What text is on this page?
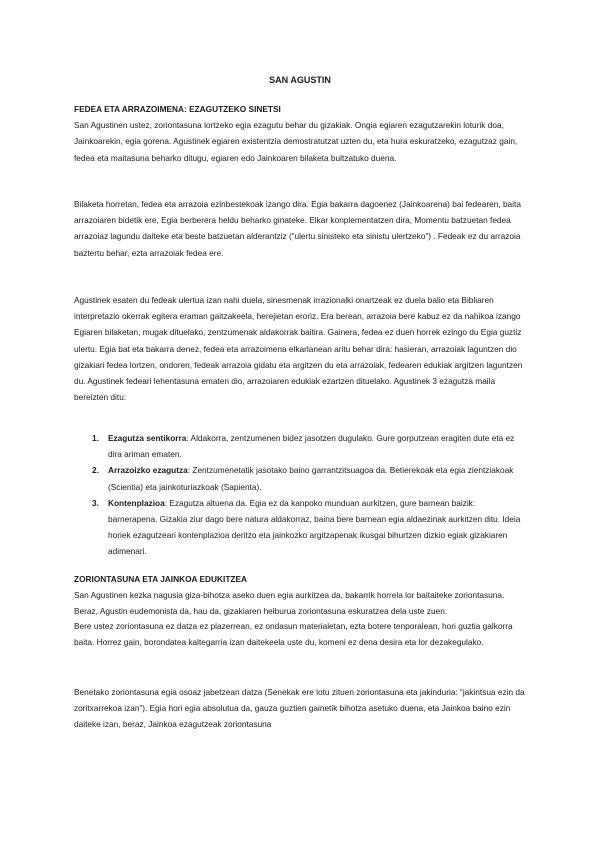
SAN AGUSTIN
FEDEA ETA ARRAZOIMENA: EZAGUTZEKO SINETSI

San Agustinen ustez, zoriontasuna lortzeko egia ezagutu behar du gizakiak. Ongia egiaren ezagutzarekin loturik doa, Jainkoarekin, egia gorena. Agustinek egiaren existentzia demostratutzat uzten du, eta hura eskuratzeko, ezagutzaz gain, fedea eta maitasuna beharko ditugu, egiaren edo Jainkoaren bilaketa bultzatuko duena.

Bilaketa horretan, fedea eta arrazoia ezinbestekoak izango dira. Egia bakarra dagoenez (Jainkoarena) bai fedearen, baita arrazoiaren bidetik ere, Egia berberera heldu beharko ginateke. Elkar konplementatzen dira, Momentu batzuetan fedea arrazoiaz lagundu daiteke eta beste batzuetan alderantziz (“ulertu sinisteko eta sinistu ulertzeko”) . Fedeak ez du arrazoia baztertu behar, ezta arrazoiak fedea ere.

Agustinek esaten du fedeak ulertua izan nahi duela, sinesmenak irrazionalki onartzeak ez duela balio eta Bibliaren interpretazio okerrak egitera eraman gaitzakeela, herejietan eroriz. Era berean, arrazoia bere kabuz ez da nahikoa izango Egiaren bilaketan, mugak dituelako, zentzumenak aldakorrak baitira. Gainera, fedea ez duen horrek ezingo du Egia guztiz ulertu. Egia bat eta bakarra denez, fedea eta arrazoimena elkarlanean aritu behar dira: hasieran, arrazoiak laguntzen dio gizakiari fedea lortzen, ondoren, fedeak arrazoia gidatu eta argitzen du eta arrazoiak, fedearen edukiak argitzen laguntzen du. Agustinek fedeari lehentasuna ematen dio, arrazoiaren edukiak ezartzen dituelako. Agustinek 3 ezagutza maila bereizten ditu:

1. Ezagutza sentikorra: Aldakorra, zentzumenen bidez jasotzen dugulako. Gure gorputzean eragiten dute eta ez dira ariman ematen.
2. Arrazoizko ezagutza: Zentzumenetatik jasotako baino garrantzitsuagoa da. Betierekoak eta egia zientziakoak (Scientia) eta jainkoturiazkoak (Sapienta).
3. Kontenplazioa: Ezagutza altuena da. Egia ez da kanpoko munduan aurkitzen, gure barnean baizik: barnerapena. Gizakia ziur dago bere natura aldakorraz, baina bere barnean egia aldaezinak aurkitzen ditu. Ideia horiek ezagutzeari kontenplazioa deritzo eta jainkozko argitzapenak ikusgai bihurtzen dizkio egiak gizakiaren adimenari.
ZORIONTASUNA ETA JAINKOA EDUKITZEA

San Agustinen kezka nagusia giza-bihotza aseko duen egia aurkitzea da, bakarrik horrela lor baitaiteke zoriontasuna. Beraz, Agustin eudemonista da, hau da, gizakiaren helburua zoriontasuna eskuratzea dela uste zuen.

Bere ustez zoriontasuna ez datza ez plazerrean, ez ondasun materialetan, ezta botere tenporalean, hori guztia galkorra baita. Horrez gain, borondatea kaltegarria izan daitekeela uste du, komeni ez dena desira eta lor dezakegulako.

Benetako zoriontasuna egia osoaz jabetzean datza (Senekak ere lotu zituen zoriontasuna eta jakinduria: “jakintsua ezin da zoritxarrekoa izan”). Egia hori egia absolutua da, gauza guztien gainetik bihotza asetuko duena, eta Jainkoa baino ezin daiteke izan, beraz, Jainkoa ezagutzeak zoriontasuna
